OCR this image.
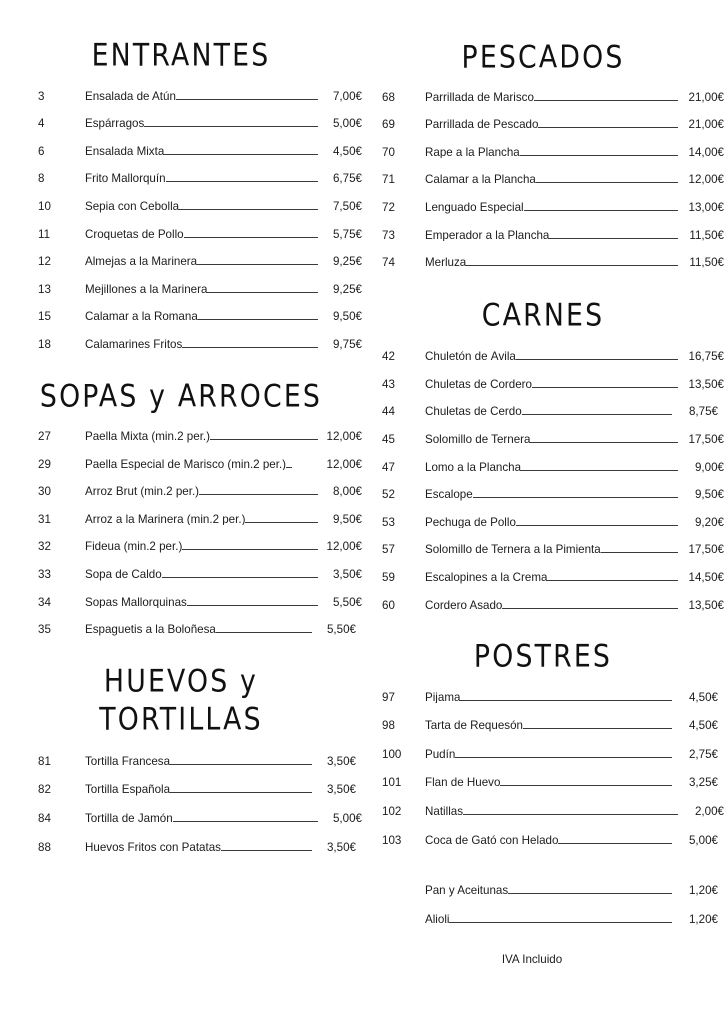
ENTRANTES
3	Ensalada de Atún	7,00€
4	Espárragos	5,00€
6	Ensalada Mixta	4,50€
8	Frito Mallorquín	6,75€
10	Sepia con Cebolla	7,50€
11	Croquetas de Pollo	5,75€
12	Almejas a la Marinera	9,25€
13	Mejillones a la Marinera	9,25€
15	Calamar a la Romana	9,50€
18	Calamarines Fritos	9,75€
SOPAS y ARROCES
27	Paella Mixta (min.2 per.)	12,00€
29	Paella Especial de Marisco (min.2 per.)	12,00€
30	Arroz Brut (min.2 per.)	8,00€
31	Arroz a la Marinera (min.2 per.)	9,50€
32	Fideua (min.2 per.)	12,00€
33	Sopa de Caldo	3,50€
34	Sopas Mallorquinas	5,50€
35	Espaguetis a la Boloñesa	5,50€
HUEVOS y
TORTILLAS
81	Tortilla Francesa	3,50€
82	Tortilla Española	3,50€
84	Tortilla de Jamón	5,00€
88	Huevos Fritos con Patatas	3,50€
PESCADOS
68	Parrillada de Marisco	21,00€
69	Parrillada de Pescado	21,00€
70	Rape a la Plancha	14,00€
71	Calamar a la Plancha	12,00€
72	Lenguado Especial	13,00€
73	Emperador a la Plancha	11,50€
74	Merluza	11,50€
CARNES
42	Chuletón de Ávila	16,75€
43	Chuletas de Cordero	13,50€
44	Chuletas de Cerdo	8,75€
45	Solomillo de Ternera	17,50€
47	Lomo a la Plancha	9,00€
52	Escalope	9,50€
53	Pechuga de Pollo	9,20€
57	Solomillo de Ternera a la Pimienta	17,50€
59	Escalopines a la Crema	14,50€
60	Cordero Asado	13,50€
POSTRES
97	Pijama	4,50€
98	Tarta de Requesón	4,50€
100	Pudín	2,75€
101	Flan de Huevo	3,25€
102	Natillas	2,00€
103	Coca de Gató con Helado	5,00€
Pan y Aceitunas	1,20€
Alioli	1,20€
IVA Incluido
